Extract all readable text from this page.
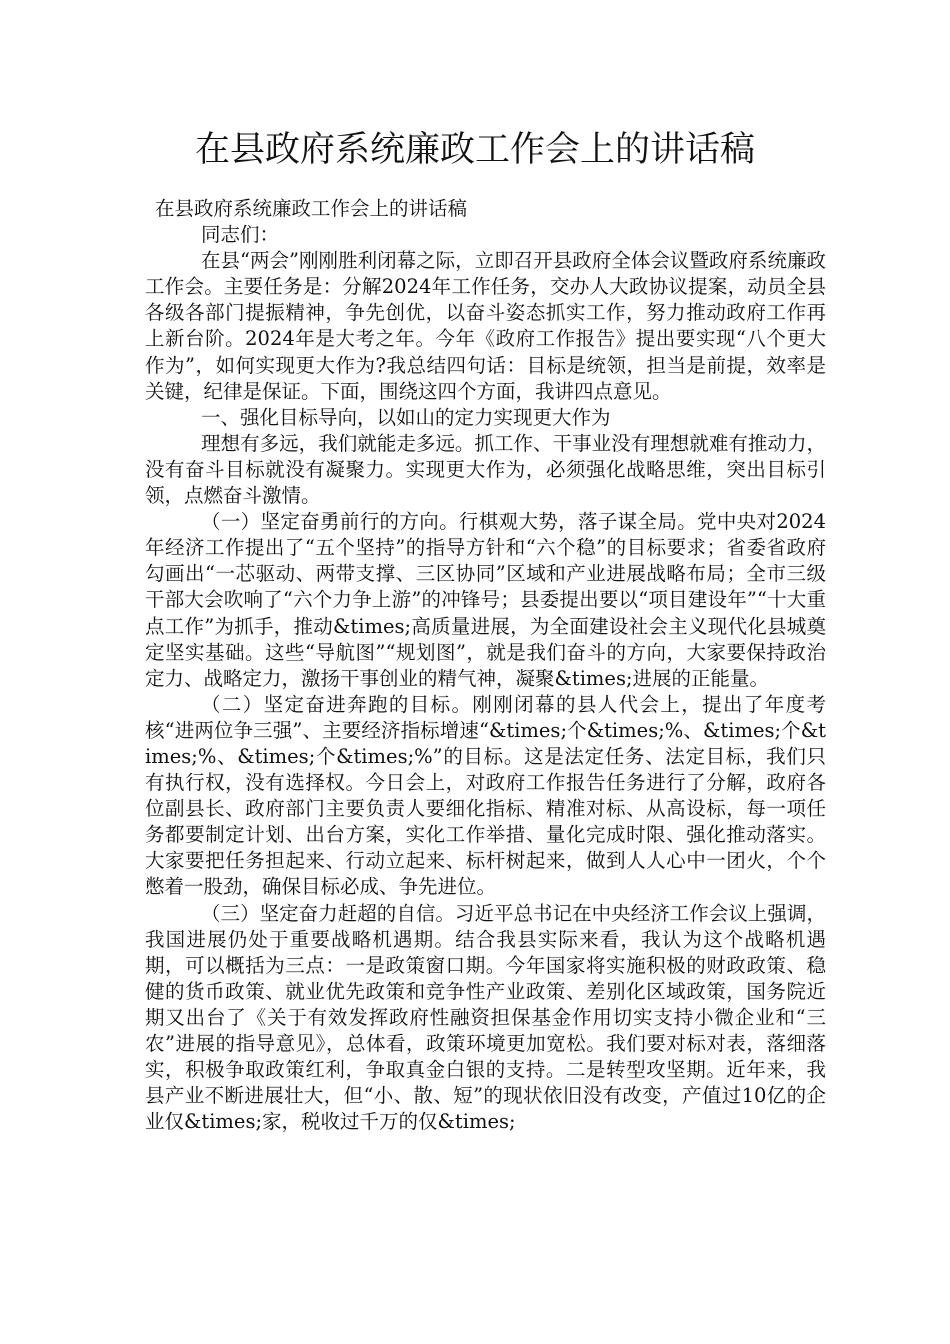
在县政府系统廉政工作会上的讲话稿

在县政府系统廉政工作会上的讲话稿

同志们：

在县“两会”刚刚胜利闭幕之际，立即召开县政府全体会议暨政府系统廉政工作会。主要任务是：分解2024年工作任务，交办人大政协议提案，动员全县各级各部门提振精神，争先创优，以奋斗姿态抓实工作，努力推动政府工作再上新台阶。2024年是大考之年。今年《政府工作报告》提出要实现“八个更大作为”，如何实现更大作为?我总结四句话：目标是统领，担当是前提，效率是关键，纪律是保证。下面，围绕这四个方面，我讲四点意见。

一、强化目标导向，以如山的定力实现更大作为

理想有多远，我们就能走多远。抓工作、干事业没有理想就难有推动力，没有奋斗目标就没有凝聚力。实现更大作为，必须强化战略思维，突出目标引领，点燃奋斗激情。

（一）坚定奋勇前行的方向。行棋观大势，落子谋全局。党中央对2024年经济工作提出了“五个坚持”的指导方针和“六个稳”的目标要求；省委省政府勾画出“一芯驱动、两带支撑、三区协同”区域和产业进展战略布局；全市三级干部大会吹响了“六个力争上游”的冲锋号；县委提出要以“项目建设年”“十大重点工作”为抓手，推动&times;高质量进展，为全面建设社会主义现代化县城奠定坚实基础。这些“导航图”“规划图”，就是我们奋斗的方向，大家要保持政治定力、战略定力，激扬干事创业的精气神，凝聚&times;进展的正能量。

（二）坚定奋进奔跑的目标。刚刚闭幕的县人代会上，提出了年度考核“进两位争三强”、主要经济指标增速“&times;个&times;%、&times;个&times;%、&times;个&times;%”的目标。这是法定任务、法定目标，我们只有执行权，没有选择权。今日会上，对政府工作报告任务进行了分解，政府各位副县长、政府部门主要负责人要细化指标、精准对标、从高设标，每一项任务都要制定计划、出台方案，实化工作举措、量化完成时限、强化推动落实。大家要把任务担起来、行动立起来、标杆树起来，做到人人心中一团火，个个憋着一股劲，确保目标必成、争先进位。

（三）坚定奋力赶超的自信。习近平总书记在中央经济工作会议上强调，我国进展仍处于重要战略机遇期。结合我县实际来看，我认为这个战略机遇期，可以概括为三点：一是政策窗口期。今年国家将实施积极的财政政策、稳健的货币政策、就业优先政策和竞争性产业政策、差别化区域政策，国务院近期又出台了《关于有效发挥政府性融资担保基金作用切实支持小微企业和“三农”进展的指导意见》，总体看，政策环境更加宽松。我们要对标对表，落细落实，积极争取政策红利，争取真金白银的支持。二是转型攻坚期。近年来，我县产业不断进展壮大，但“小、散、短”的现状依旧没有改变，产值过10亿的企业仅&times;家，税收过千万的仅&times;
